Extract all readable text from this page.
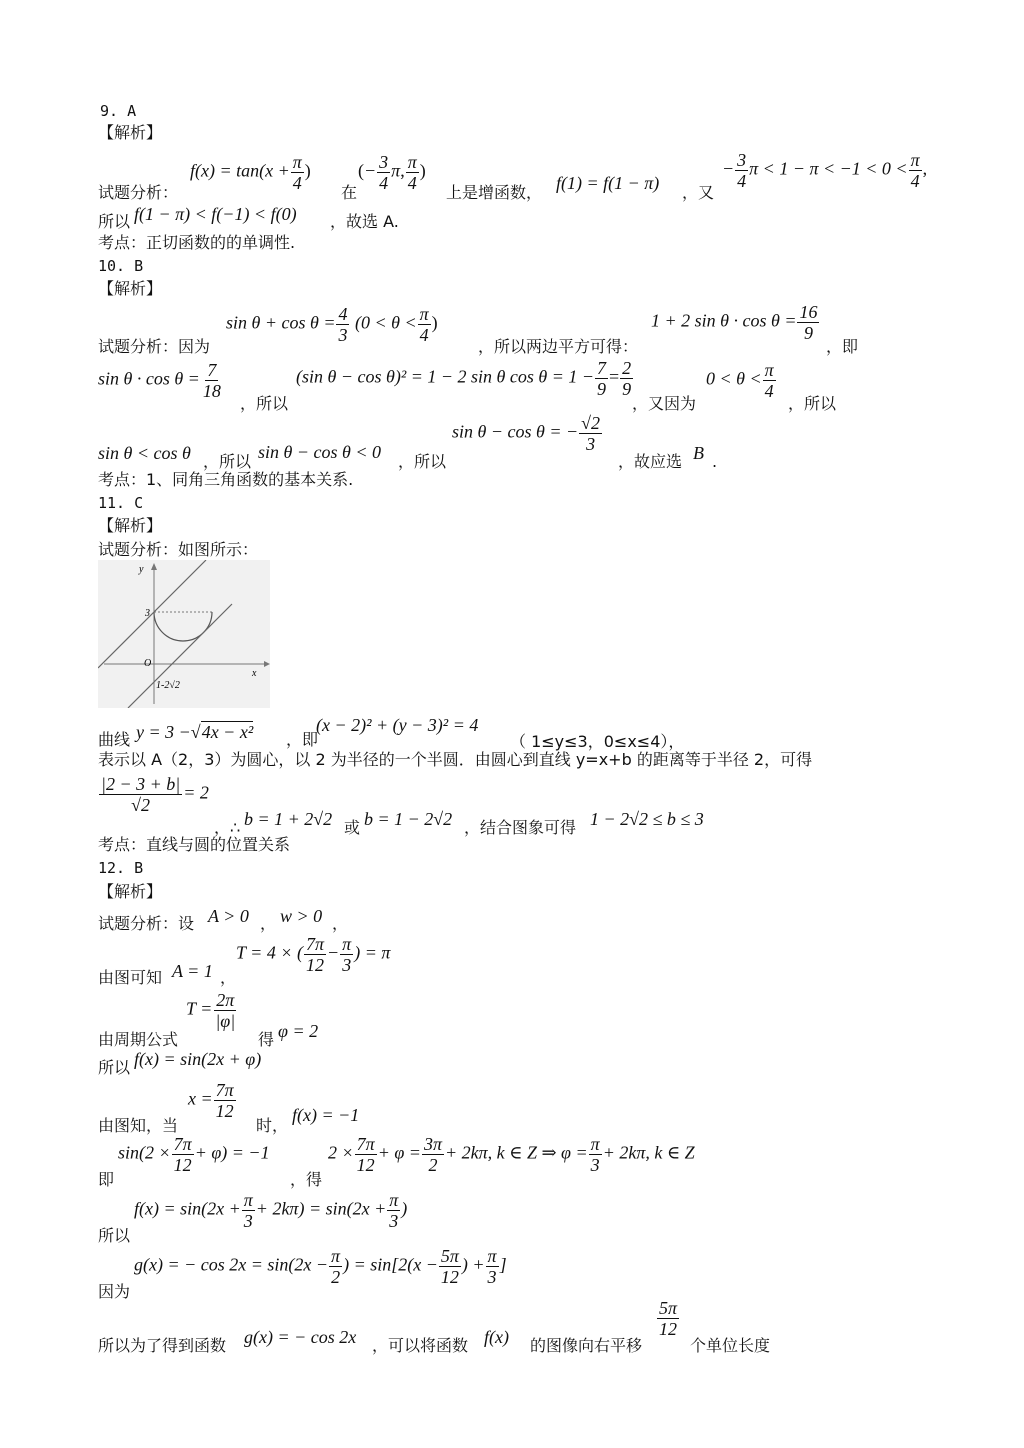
9. A
【解析】
$f(x) = \tan(x + \frac{\pi}{4}$ )
试题分析：	在
(− $\frac{3}{4} \pi$, $\frac{\pi}{4}$ )
上是增函数， f(1) = f(1 − π) ，又
− $\frac{3}{4}$ $\pi < 1 - \pi < -1 < 0 < \frac{\pi}{4}$ ,
所以 f(1 − π) < f(−1) < f(0) ，故选 A.
考点：正切函数的的单调性.
10. B
【解析】
$\sin \theta + \cos \theta = \frac{4}{3} (0 < \theta < \frac{\pi}{4}$ )
试题分析：因为	，所以两边平方可得：
1 + 2 $\sin \theta \cdot \cos \theta = \frac{16}{9}$
，即
$\sin \theta \cdot \cos \theta = \frac{7}{18}$
，所以
(sin θ − cos θ)² = 1 − 2 sin θ $\cos \theta = 1 - \frac{7}{9} = \frac{2}{9}$
，又因为
$0 < \theta < \frac{\pi}{4}$
，所以
sin θ < cos θ ，所以 sin θ − cos θ < 0 ，所以
sin θ − cos θ = − $\frac{√2}{3}$
，故应选 B .
考点：1、同角三角函数的基本关系.
11. C
【解析】
试题分析：如图所示：
y
x
3
O
1-2√2
曲线 y = 3 −√4x − x² ，即
(x − 2)² + (y − 3)² = 4
（ 1≤y≤3，0≤x≤4），
表示以 A（2，3）为圆心，以 2 为半径的一个半圆．由圆心到直线 y=x+b 的距离等于半径 2，可得
$\frac{|2 - 3 + b|}{√2} = 2$
，∴ b = 1 + 2√2 或 b = 1 − 2√2 ，结合图象可得 1 − 2√2 ≤ b ≤ 3
考点：直线与圆的位置关系
12. B
【解析】
试题分析：设 A > 0 ， w > 0 ，
由图可知 A = 1 ，
T = 4 × ( $\frac{7\pi}{12} - \frac{\pi}{3}$ ) = π
由周期公式
$T = \frac{2\pi}{|\varphi|}$
得 φ = 2
所以 f(x) = sin(2x + φ)
由图知，当
$x = \frac{7\pi}{12}$
时，
f(x) = −1
即
$\sin(2 \times \frac{7\pi}{12} + \varphi) = -1$
，得
$2 \times \frac{7\pi}{12} + \varphi = \frac{3\pi}{2} + 2k\pi$, k ∈ Z ⇒ $\varphi = \frac{\pi}{3} + 2k\pi$, k ∈ Z
所以
$f(x) = \sin(2x + \frac{\pi}{3} + 2k\pi) = \sin(2x + \frac{\pi}{3}$ )
因为
g(x) = − $\cos 2x = \sin(2x - \frac{\pi}{2}$ ) = $\sin[2(x - \frac{5\pi}{12}$ ) + $\frac{\pi}{3}$ ]
所以为了得到函数 g(x) = − cos 2x ，可以将函数 f(x) 的图像向右平移
$\frac{5\pi}{12}$
个单位长度
